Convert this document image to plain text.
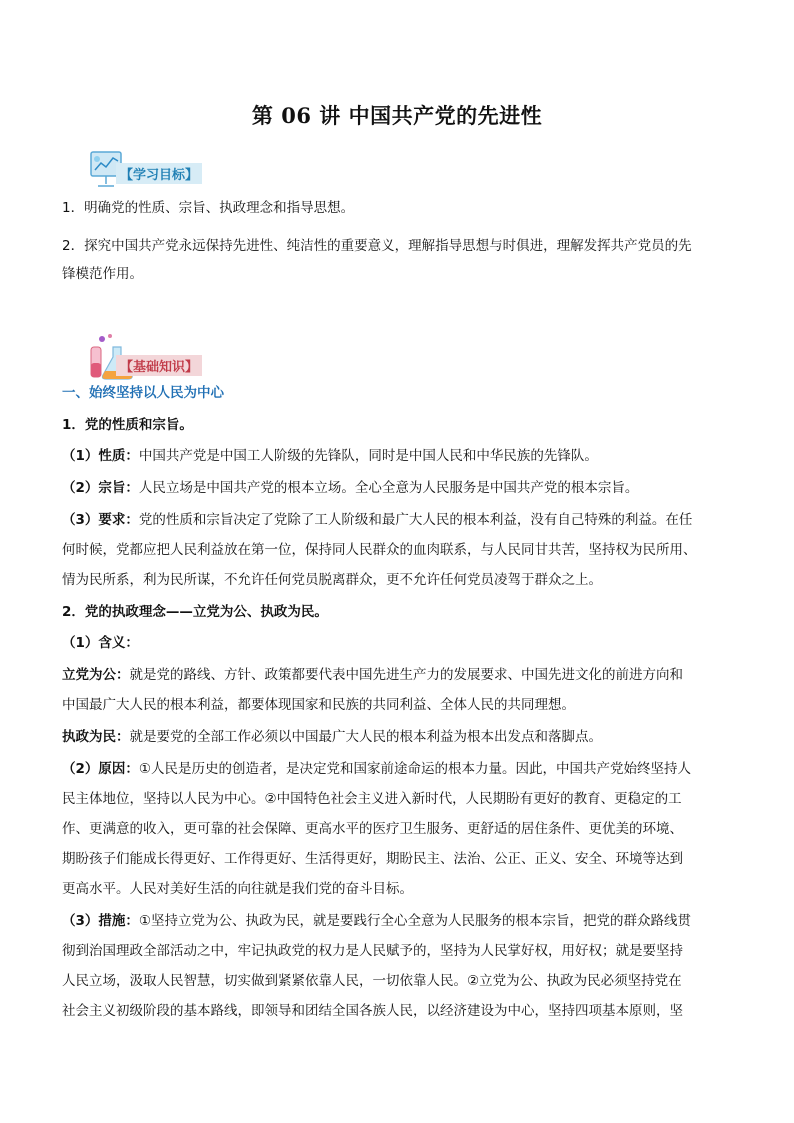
第 06 讲 中国共产党的先进性
【学习目标】
1．明确党的性质、宗旨、执政理念和指导思想。
2．探究中国共产党永远保持先进性、纯洁性的重要意义，理解指导思想与时俱进，理解发挥共产党员的先
锋模范作用。
【基础知识】
一、始终坚持以人民为中心
1．党的性质和宗旨。
（1）性质：中国共产党是中国工人阶级的先锋队，同时是中国人民和中华民族的先锋队。
（2）宗旨：人民立场是中国共产党的根本立场。全心全意为人民服务是中国共产党的根本宗旨。
（3）要求：党的性质和宗旨决定了党除了工人阶级和最广大人民的根本利益，没有自己特殊的利益。在任
何时候，党都应把人民利益放在第一位，保持同人民群众的血肉联系，与人民同甘共苦，坚持权为民所用、
情为民所系，利为民所谋，不允许任何党员脱离群众，更不允许任何党员凌驾于群众之上。
2．党的执政理念——立党为公、执政为民。
（1）含义：
立党为公：就是党的路线、方针、政策都要代表中国先进生产力的发展要求、中国先进文化的前进方向和
中国最广大人民的根本利益，都要体现国家和民族的共同利益、全体人民的共同理想。
执政为民：就是要党的全部工作必须以中国最广大人民的根本利益为根本出发点和落脚点。
（2）原因：①人民是历史的创造者，是决定党和国家前途命运的根本力量。因此，中国共产党始终坚持人
民主体地位，坚持以人民为中心。②中国特色社会主义进入新时代，人民期盼有更好的教育、更稳定的工
作、更满意的收入，更可靠的社会保障、更高水平的医疗卫生服务、更舒适的居住条件、更优美的环境、
期盼孩子们能成长得更好、工作得更好、生活得更好，期盼民主、法治、公正、正义、安全、环境等达到
更高水平。人民对美好生活的向往就是我们党的奋斗目标。
（3）措施：①坚持立党为公、执政为民，就是要践行全心全意为人民服务的根本宗旨，把党的群众路线贯
彻到治国理政全部活动之中，牢记执政党的权力是人民赋予的，坚持为人民掌好权，用好权；就是要坚持
人民立场，汲取人民智慧，切实做到紧紧依靠人民，一切依靠人民。②立党为公、执政为民必须坚持党在
社会主义初级阶段的基本路线，即领导和团结全国各族人民，以经济建设为中心，坚持四项基本原则，坚
